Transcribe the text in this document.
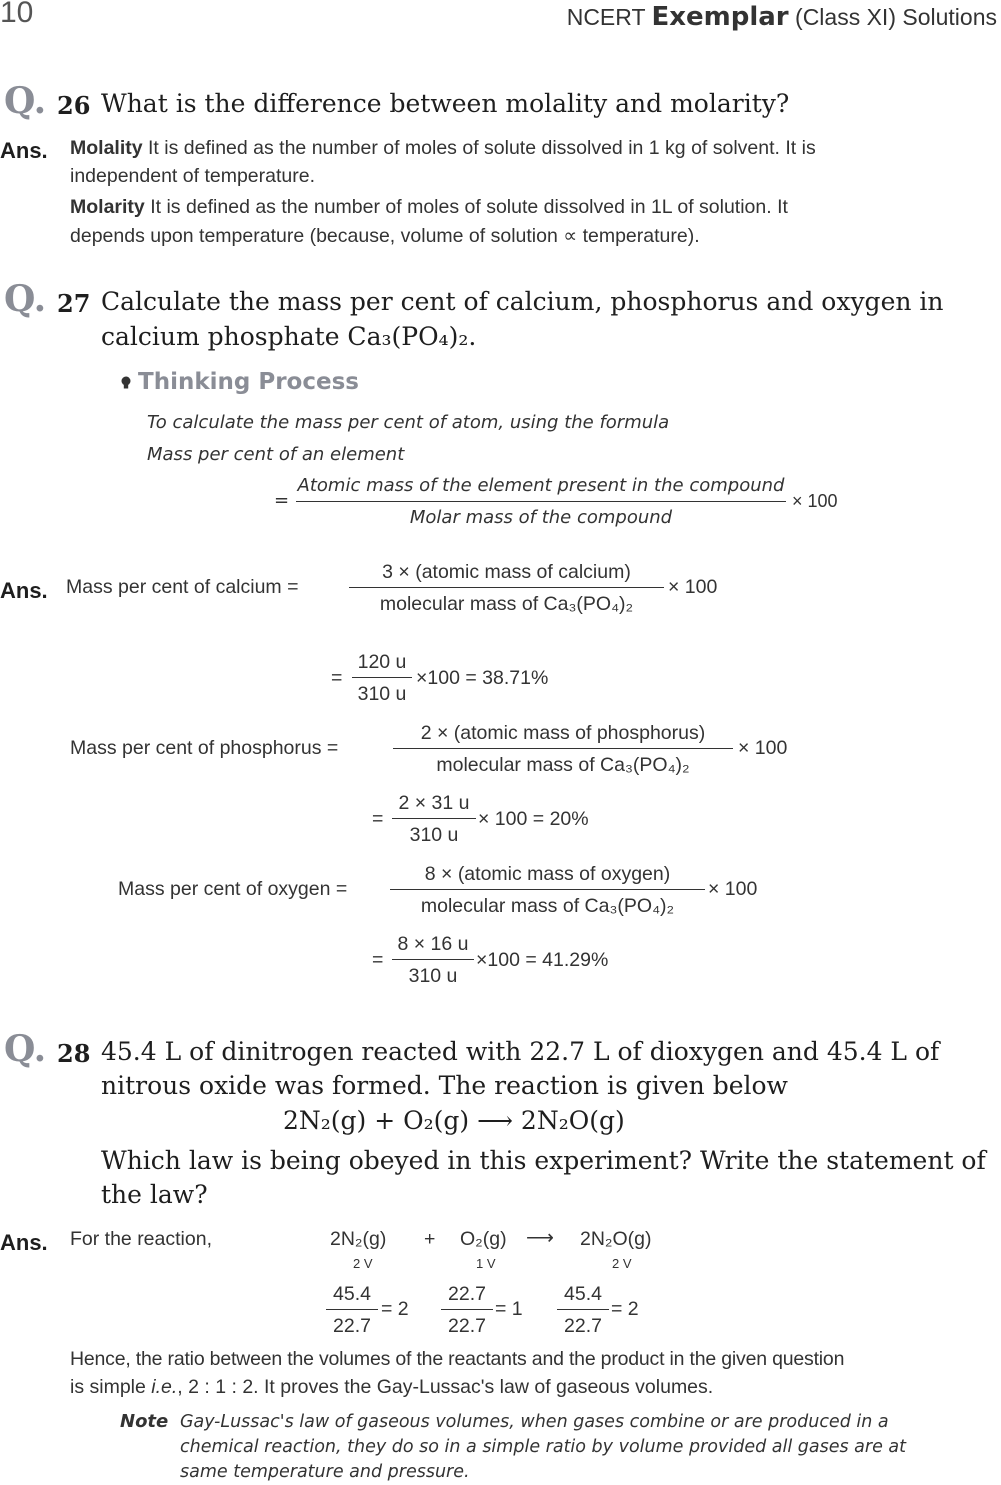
10	NCERT Exemplar (Class XI) Solutions
Q. 26 What is the difference between molality and molarity?
Ans. Molality It is defined as the number of moles of solute dissolved in 1 kg of solvent. It is
independent of temperature.
Molarity It is defined as the number of moles of solute dissolved in 1L of solution. It
depends upon temperature (because, volume of solution ∝ temperature).
Q. 27 Calculate the mass per cent of calcium, phosphorus and oxygen in
calcium phosphate Ca₃(PO₄)₂.
Thinking Process
To calculate the mass per cent of atom, using the formula
Mass per cent of an element
=
Atomic mass of the element present in the compound
Molar mass of the compound
× 100
Ans. Mass per cent of calcium =
3 × (atomic mass of calcium)
molecular mass of Ca₃(PO₄)₂
× 100
=
120 u
310 u
×100 = 38.71%
Mass per cent of phosphorus =
2 × (atomic mass of phosphorus)
molecular mass of Ca₃(PO₄)₂
× 100
=
2 × 31 u
310 u
× 100 = 20%
Mass per cent of oxygen =
8 × (atomic mass of oxygen)
molecular mass of Ca₃(PO₄)₂
× 100
=
8 × 16 u
310 u
×100 = 41.29%
Q. 28 45.4 L of dinitrogen reacted with 22.7 L of dioxygen and 45.4 L of
nitrous oxide was formed. The reaction is given below
2N₂(g) + O₂(g) ⟶ 2N₂O(g)
Which law is being obeyed in this experiment? Write the statement of
the law?
Ans. For the reaction,	2N₂(g) + O₂(g) ⟶ 2N₂O(g)
2 V	1 V	2 V
45.4
22.7
= 2
22.7
22.7
= 1
45.4
22.7
= 2
Hence, the ratio between the volumes of the reactants and the product in the given question
is simple i.e., 2 : 1 : 2. It proves the Gay-Lussac's law of gaseous volumes.
Note Gay-Lussac's law of gaseous volumes, when gases combine or are produced in a
chemical reaction, they do so in a simple ratio by volume provided all gases are at
same temperature and pressure.
